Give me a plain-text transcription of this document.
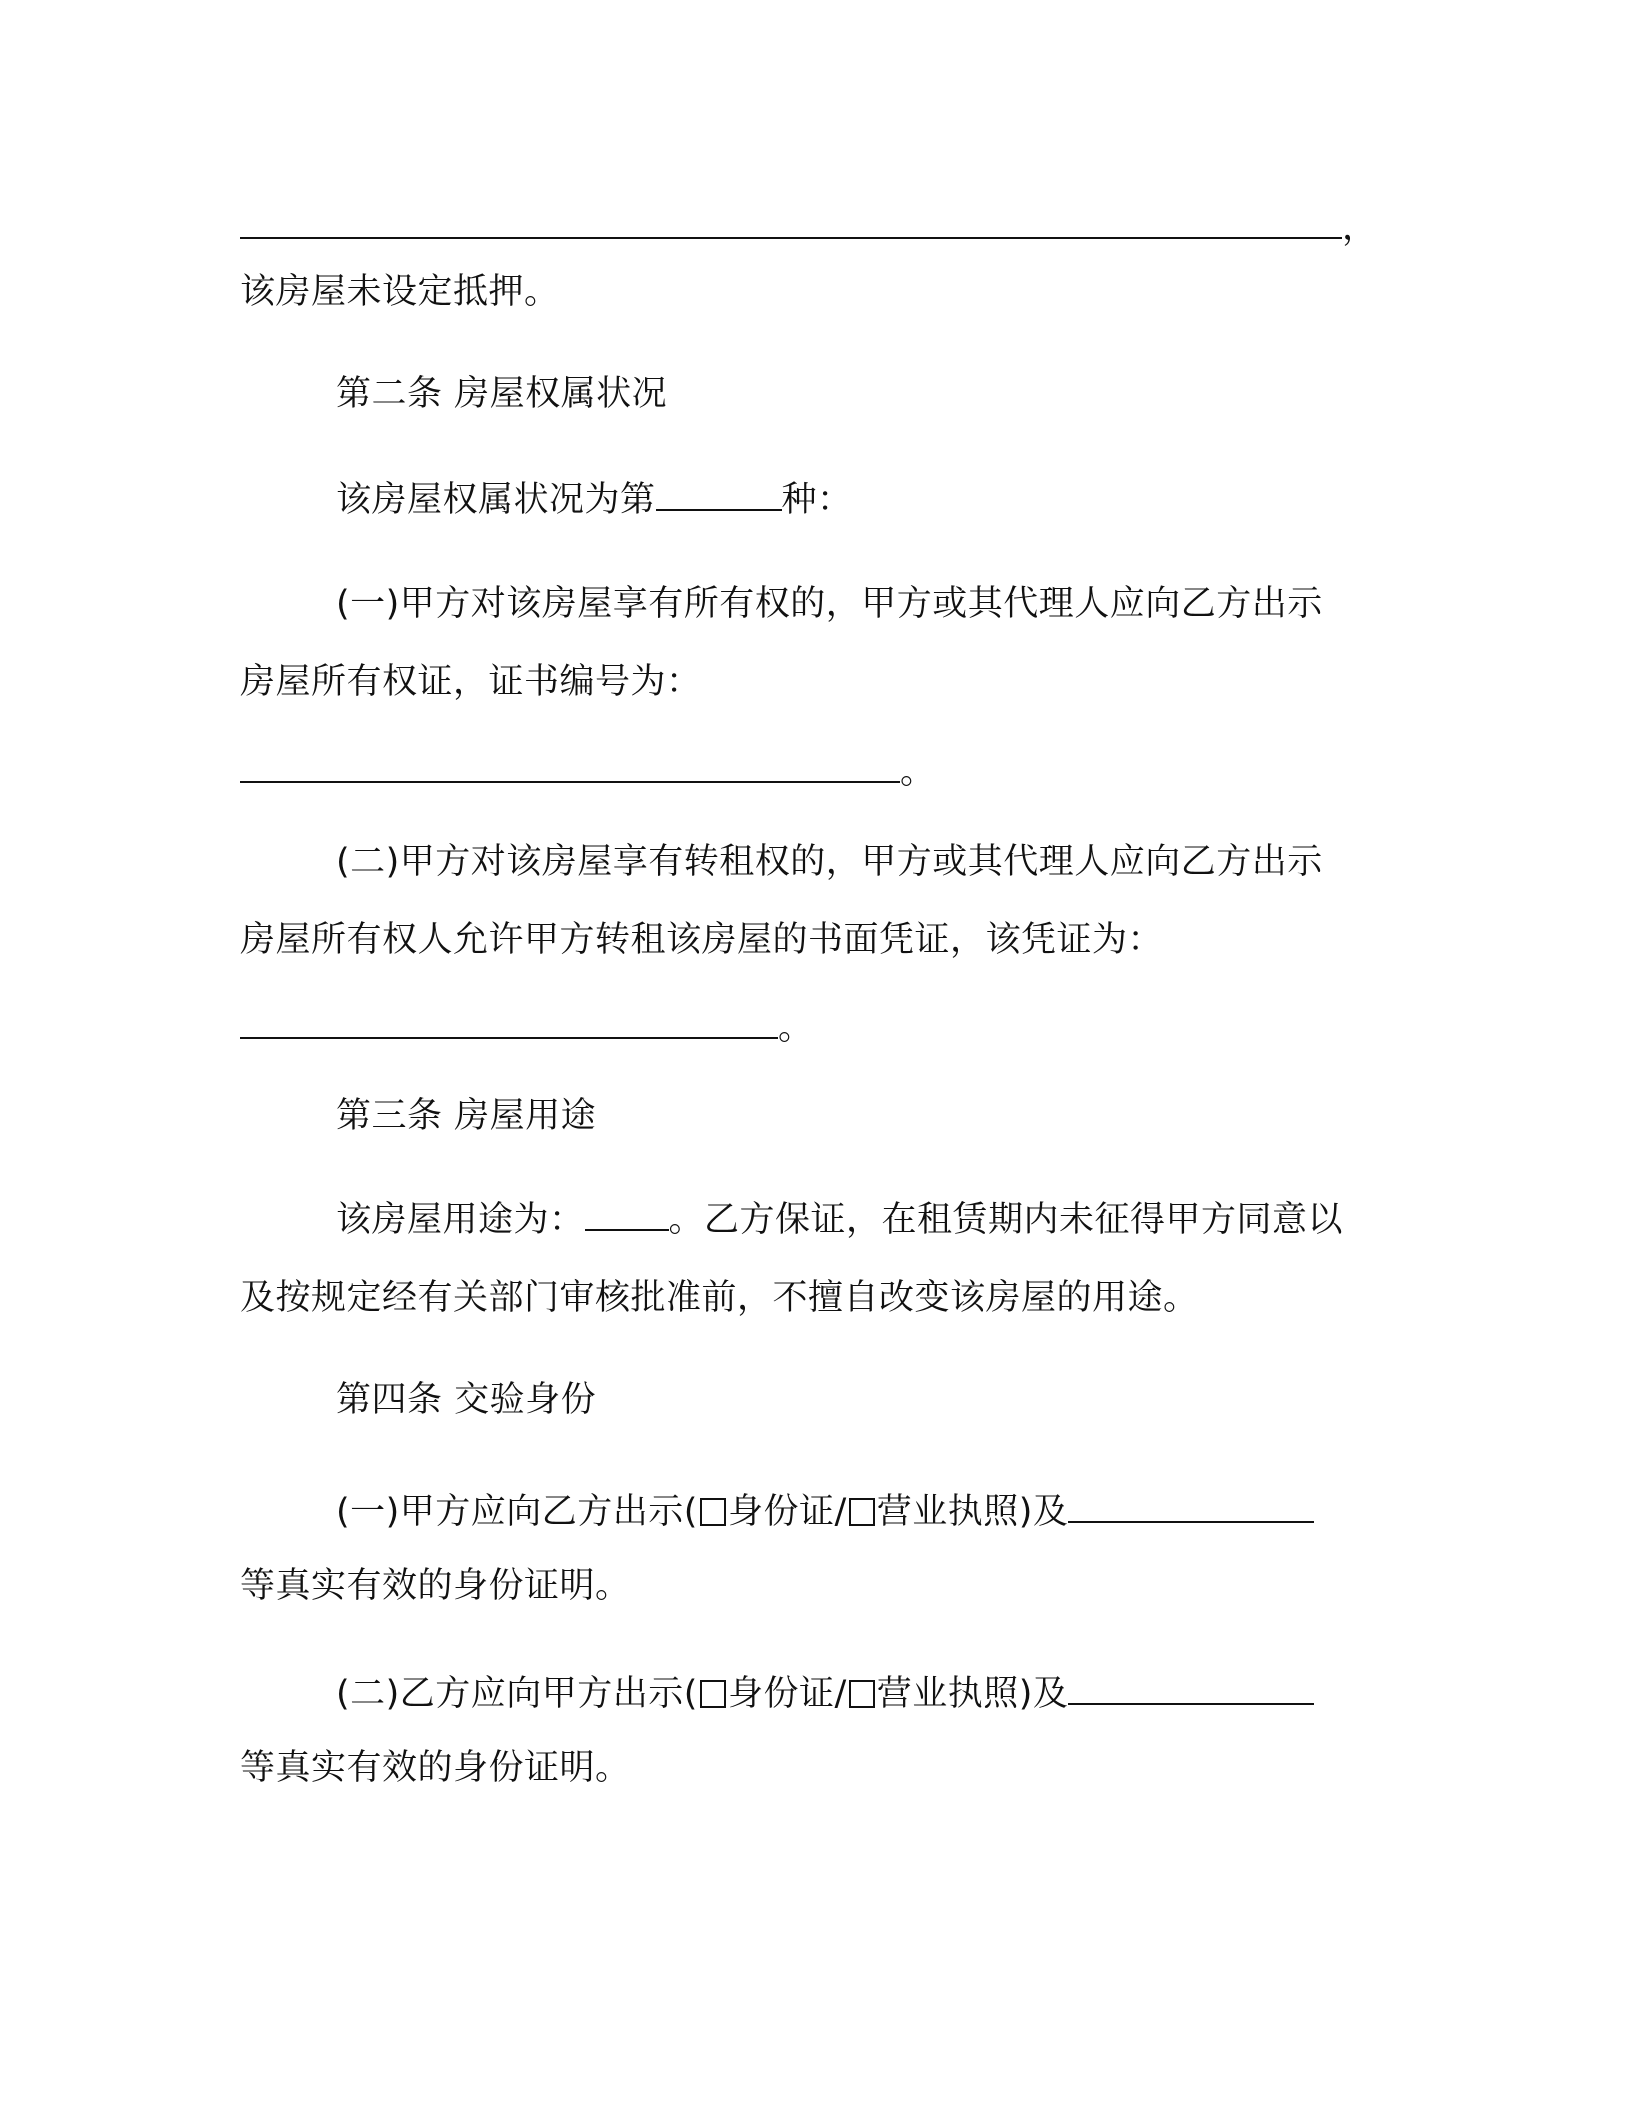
，
该房屋未设定抵押。
第二条 房屋权属状况
该房屋权属状况为第	种：
(一)甲方对该房屋享有所有权的，甲方或其代理人应向乙方出示
房屋所有权证，证书编号为：
。
(二)甲方对该房屋享有转租权的，甲方或其代理人应向乙方出示
房屋所有权人允许甲方转租该房屋的书面凭证，该凭证为：
。
第三条 房屋用途
该房屋用途为： 。乙方保证，在租赁期内未征得甲方同意以
及按规定经有关部门审核批准前，不擅自改变该房屋的用途。
第四条 交验身份
(一)甲方应向乙方出示( 身份证/ 营业执照)及
等真实有效的身份证明。
(二)乙方应向甲方出示( 身份证/ 营业执照)及
等真实有效的身份证明。
